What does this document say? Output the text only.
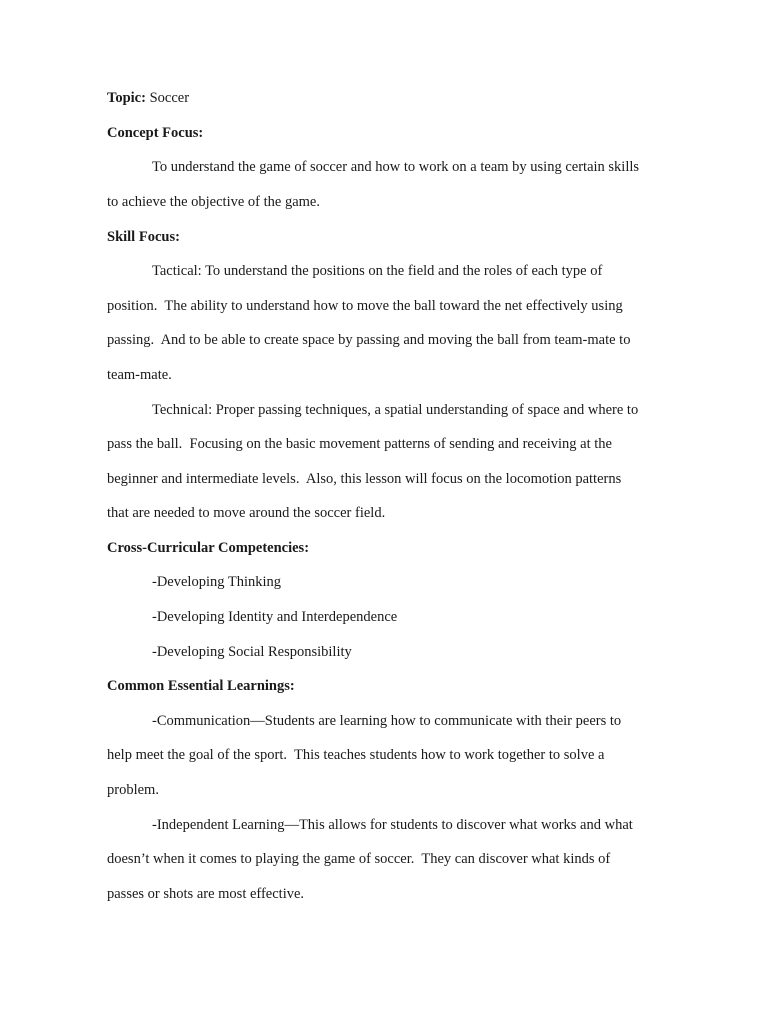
Topic: Soccer
Concept Focus:
To understand the game of soccer and how to work on a team by using certain skills
to achieve the objective of the game.
Skill Focus:
Tactical: To understand the positions on the field and the roles of each type of
position.  The ability to understand how to move the ball toward the net effectively using
passing.  And to be able to create space by passing and moving the ball from team-mate to
team-mate.
Technical: Proper passing techniques, a spatial understanding of space and where to
pass the ball.  Focusing on the basic movement patterns of sending and receiving at the
beginner and intermediate levels.  Also, this lesson will focus on the locomotion patterns
that are needed to move around the soccer field.
Cross-Curricular Competencies:
-Developing Thinking
-Developing Identity and Interdependence
-Developing Social Responsibility
Common Essential Learnings:
-Communication—Students are learning how to communicate with their peers to
help meet the goal of the sport.  This teaches students how to work together to solve a
problem.
-Independent Learning—This allows for students to discover what works and what
doesn’t when it comes to playing the game of soccer.  They can discover what kinds of
passes or shots are most effective.
